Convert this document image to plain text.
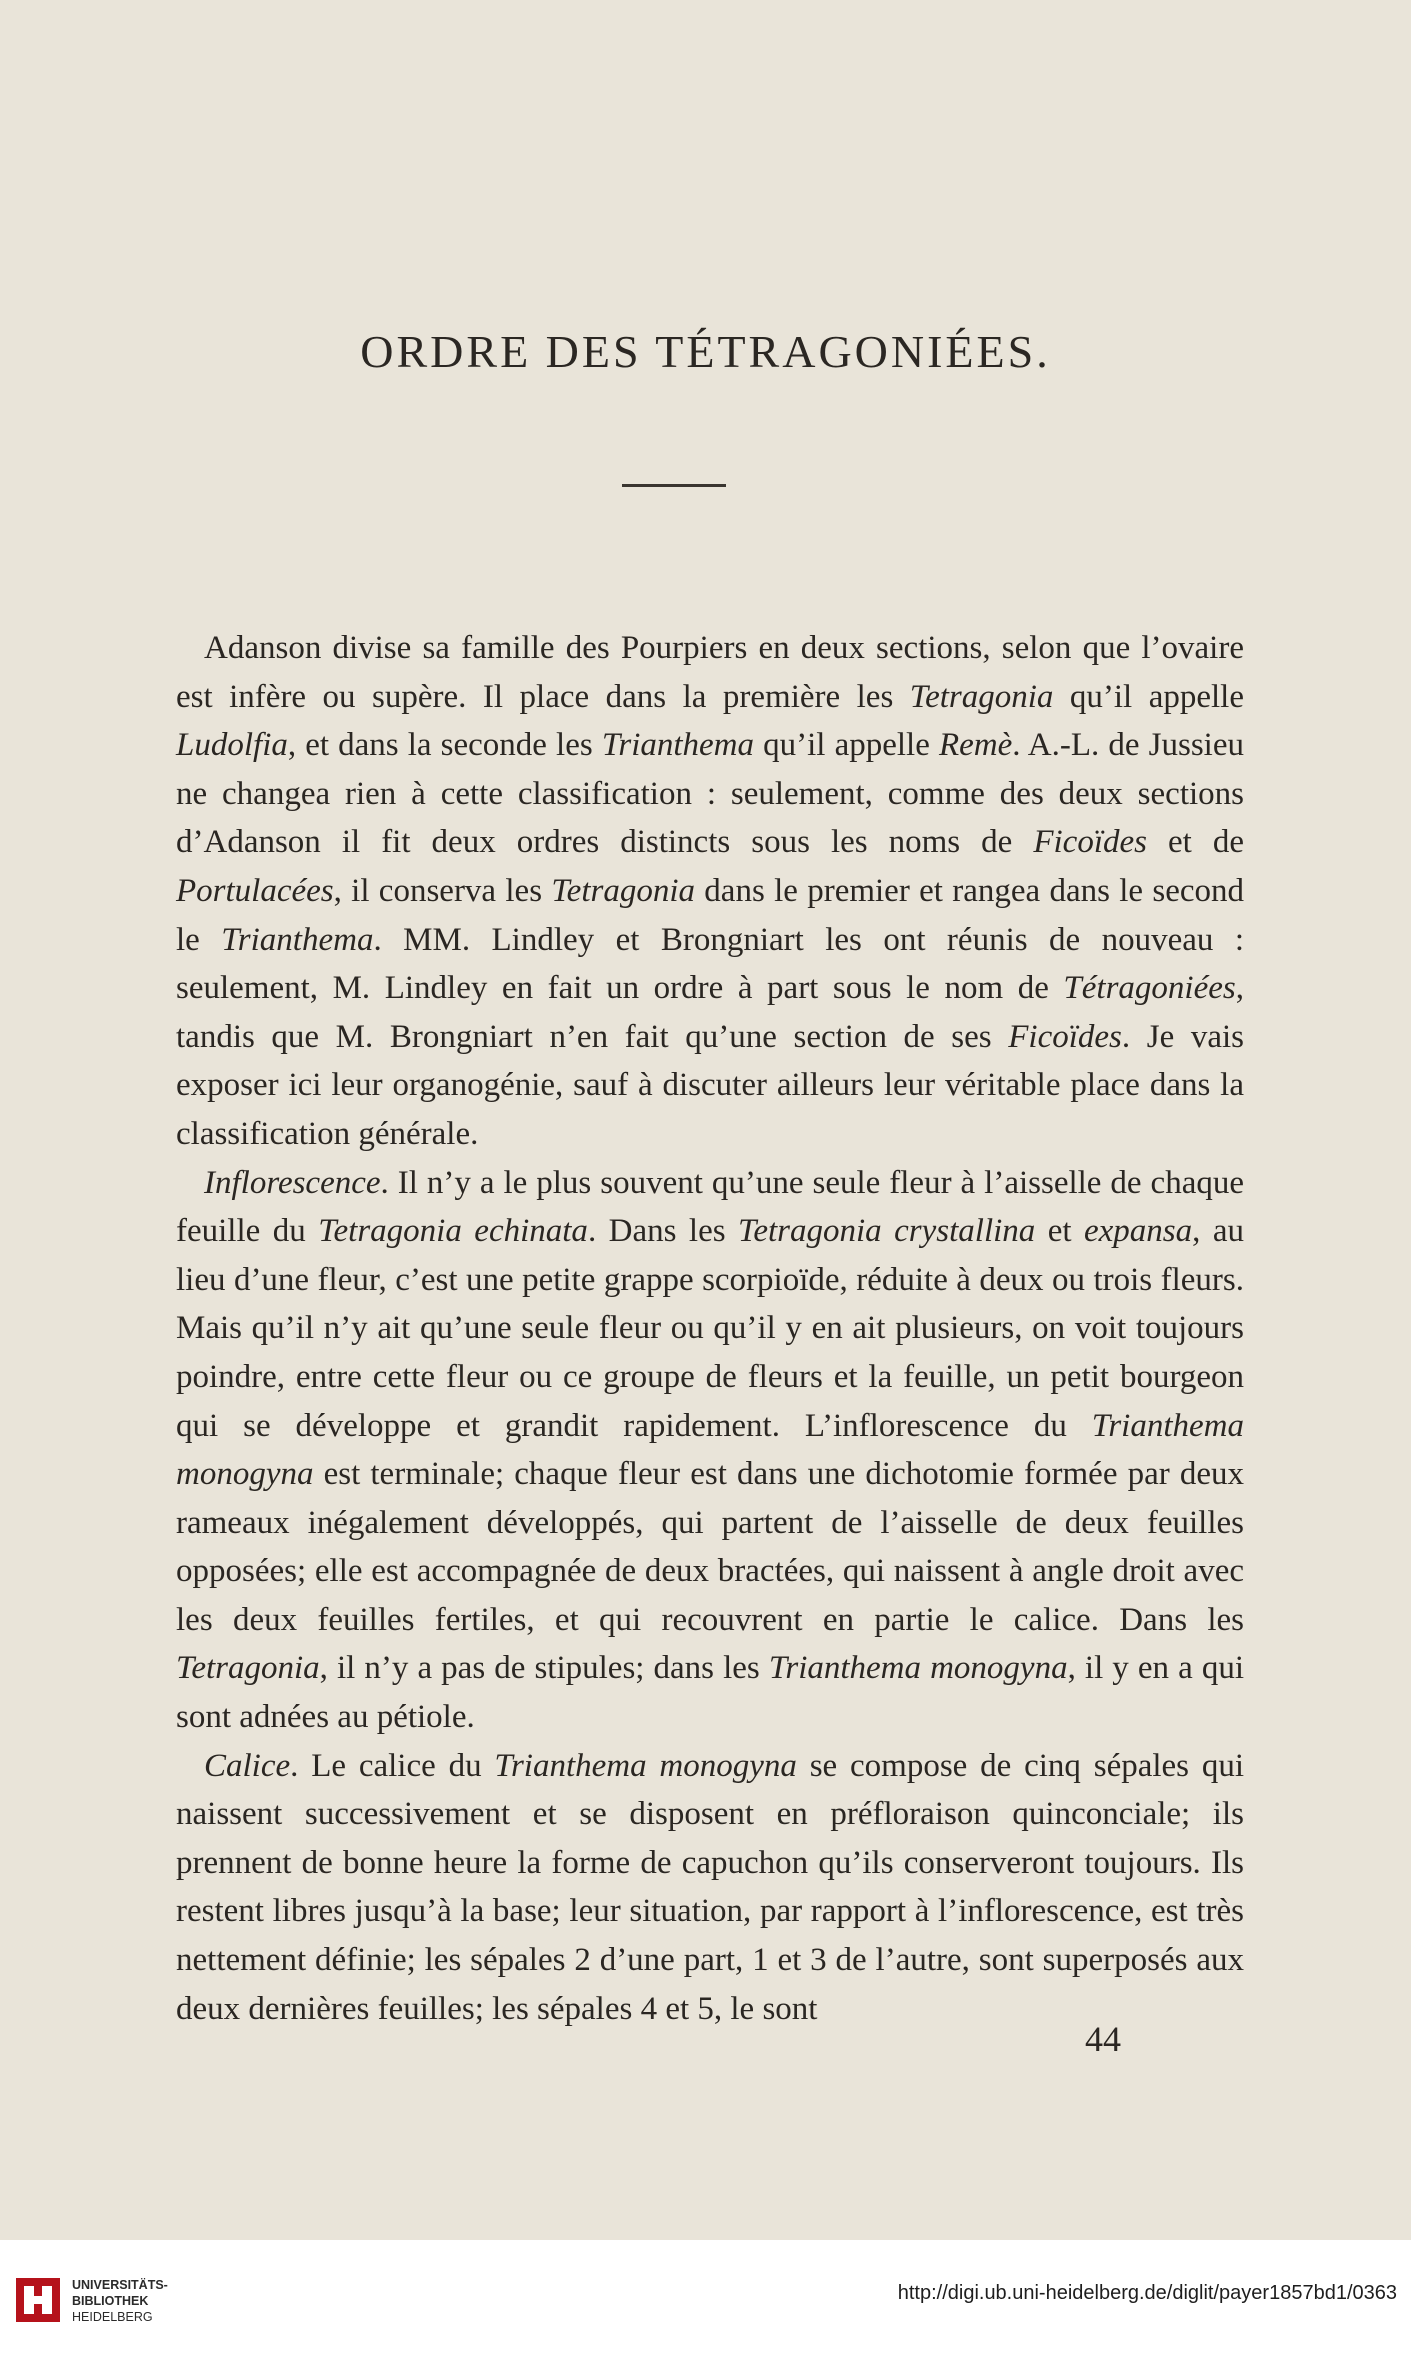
ORDRE DES TÉTRAGONIÉES.

Adanson divise sa famille des Pourpiers en deux sections, selon que l’ovaire est infère ou supère. Il place dans la première les Tetragonia qu’il appelle Ludolfia, et dans la seconde les Trianthema qu’il appelle Remè. A.-L. de Jussieu ne changea rien à cette classification : seulement, comme des deux sections d’Adanson il fit deux ordres distincts sous les noms de Ficoïdes et de Portulacées, il conserva les Tetragonia dans le premier et rangea dans le second le Trianthema. MM. Lindley et Brongniart les ont réunis de nouveau : seulement, M. Lindley en fait un ordre à part sous le nom de Tétragoniées, tandis que M. Brongniart n’en fait qu’une section de ses Ficoïdes. Je vais exposer ici leur organogénie, sauf à discuter ailleurs leur véritable place dans la classification générale.

Inflorescence. Il n’y a le plus souvent qu’une seule fleur à l’aisselle de chaque feuille du Tetragonia echinata. Dans les Tetragonia crystallina et expansa, au lieu d’une fleur, c’est une petite grappe scorpioïde, réduite à deux ou trois fleurs. Mais qu’il n’y ait qu’une seule fleur ou qu’il y en ait plusieurs, on voit toujours poindre, entre cette fleur ou ce groupe de fleurs et la feuille, un petit bourgeon qui se développe et grandit rapidement. L’inflorescence du Trianthema monogyna est terminale; chaque fleur est dans une dichotomie formée par deux rameaux inégalement développés, qui partent de l’aisselle de deux feuilles opposées; elle est accompagnée de deux bractées, qui naissent à angle droit avec les deux feuilles fertiles, et qui recouvrent en partie le calice. Dans les Tetragonia, il n’y a pas de stipules; dans les Trianthema monogyna, il y en a qui sont adnées au pétiole.

Calice. Le calice du Trianthema monogyna se compose de cinq sépales qui naissent successivement et se disposent en préfloraison quinconciale; ils prennent de bonne heure la forme de capuchon qu’ils conserveront toujours. Ils restent libres jusqu’à la base; leur situation, par rapport à l’inflorescence, est très nettement définie; les sépales 2 d’une part, 1 et 3 de l’autre, sont superposés aux deux dernières feuilles; les sépales 4 et 5, le sont

44
UNIVERSITÄTS-
BIBLIOTHEK
HEIDELBERG
http://digi.ub.uni-heidelberg.de/diglit/payer1857bd1/0363
